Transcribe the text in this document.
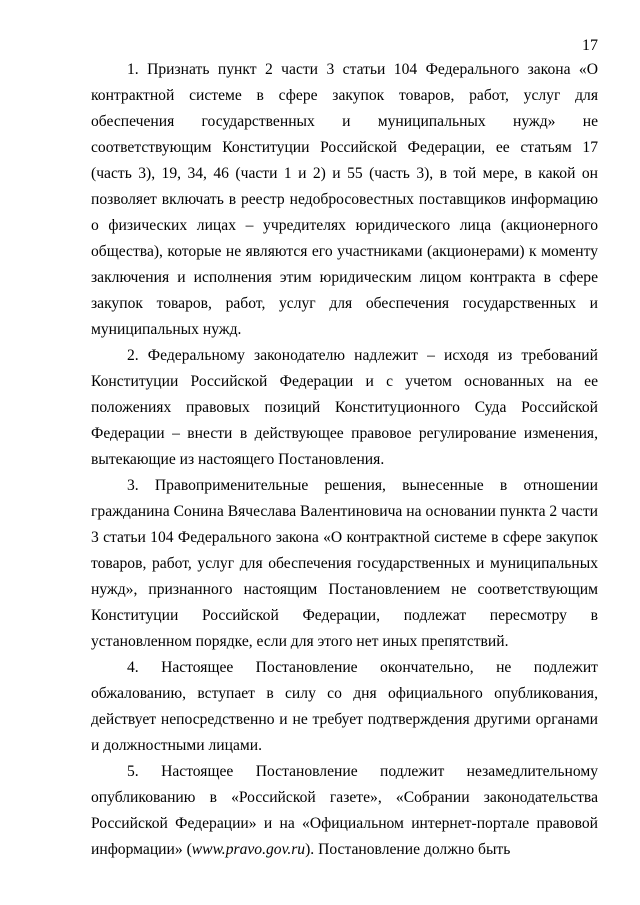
17

1. Признать пункт 2 части 3 статьи 104 Федерального закона «О контрактной системе в сфере закупок товаров, работ, услуг для обеспечения государственных и муниципальных нужд» не соответствующим Конституции Российской Федерации, ее статьям 17 (часть 3), 19, 34, 46 (части 1 и 2) и 55 (часть 3), в той мере, в какой он позволяет включать в реестр недобросовестных поставщиков информацию о физических лицах – учредителях юридического лица (акционерного общества), которые не являются его участниками (акционерами) к моменту заключения и исполнения этим юридическим лицом контракта в сфере закупок товаров, работ, услуг для обеспечения государственных и муниципальных нужд.

2. Федеральному законодателю надлежит – исходя из требований Конституции Российской Федерации и с учетом основанных на ее положениях правовых позиций Конституционного Суда Российской Федерации – внести в действующее правовое регулирование изменения, вытекающие из настоящего Постановления.

3. Правоприменительные решения, вынесенные в отношении гражданина Сонина Вячеслава Валентиновича на основании пункта 2 части 3 статьи 104 Федерального закона «О контрактной системе в сфере закупок товаров, работ, услуг для обеспечения государственных и муниципальных нужд», признанного настоящим Постановлением не соответствующим Конституции Российской Федерации, подлежат пересмотру в установленном порядке, если для этого нет иных препятствий.

4. Настоящее Постановление окончательно, не подлежит обжалованию, вступает в силу со дня официального опубликования, действует непосредственно и не требует подтверждения другими органами и должностными лицами.

5. Настоящее Постановление подлежит незамедлительному опубликованию в «Российской газете», «Собрании законодательства Российской Федерации» и на «Официальном интернет-портале правовой информации» (www.pravo.gov.ru). Постановление должно быть
